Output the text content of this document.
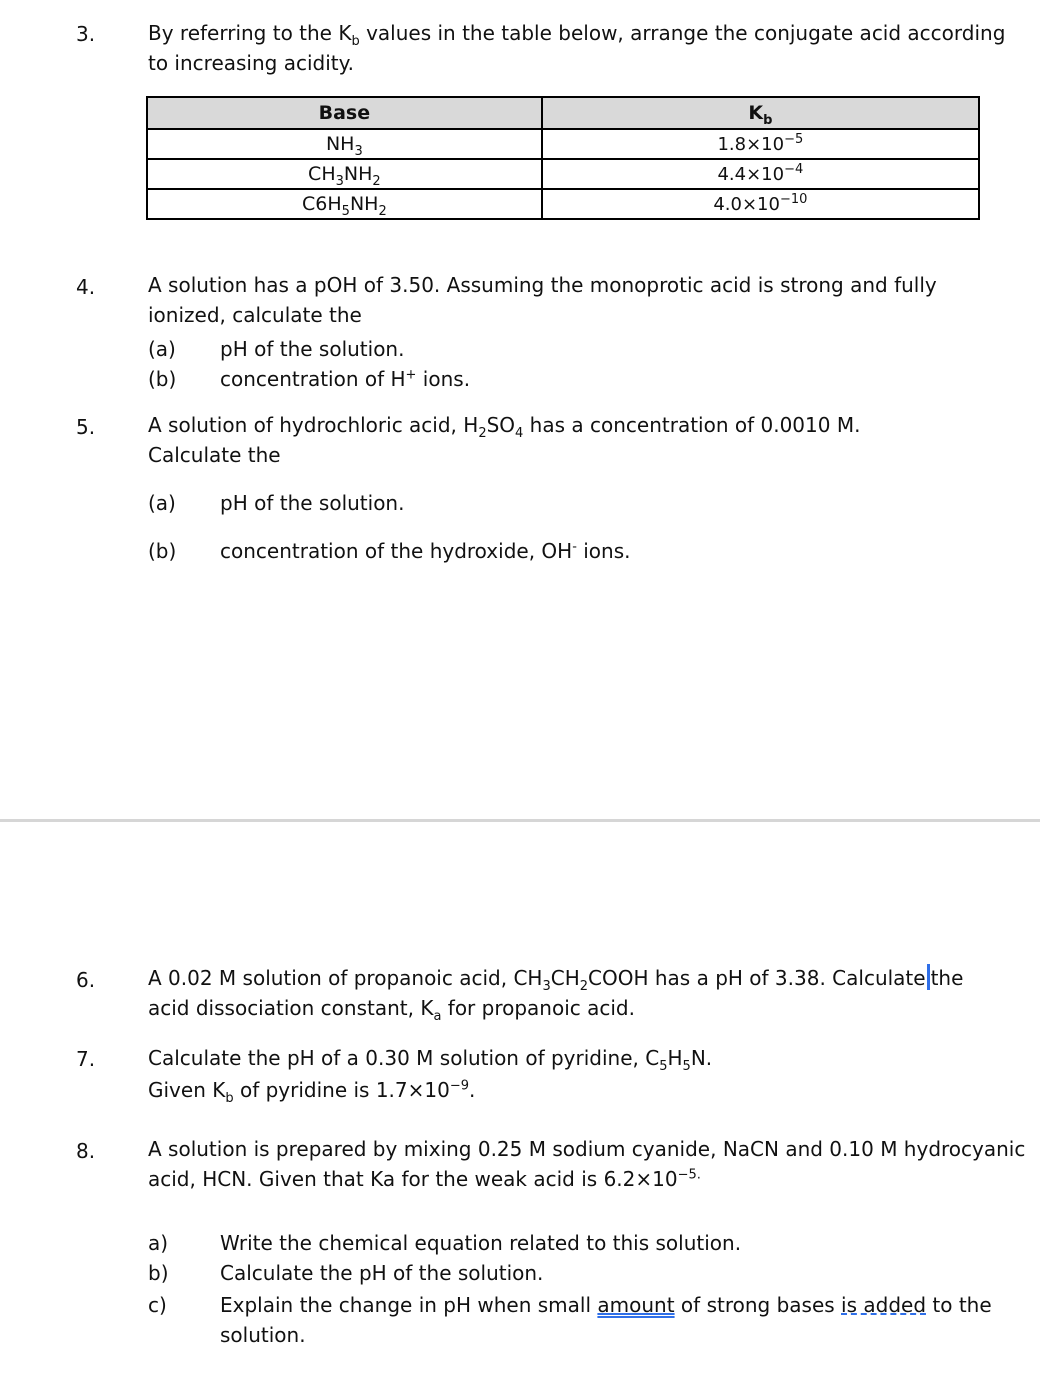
3.	By referring to the $K_b$ values in the table below, arrange the conjugate acid according
to increasing acidity.
Base	$K_b$
$NH_3$	$1.8\times 10^{-5}$
$CH_3NH_2$	$4.4\times 10^{-4}$
$C6H_5NH_2$	$4.0\times 10^{-10}$
4.	A solution has a pOH of 3.50. Assuming the monoprotic acid is strong and fully
ionized, calculate the
(a) pH of the solution.
(b) concentration of H+ ions.
5.	A solution of hydrochloric acid, $H_2SO_4$ has a concentration of 0.0010 M.
Calculate the
(a) pH of the solution.
(b) concentration of the hydroxide, OH- ions.
6.	A 0.02 M solution of propanoic acid, $CH_3CH_2COOH$ has a pH of 3.38. Calculate the
acid dissociation constant, $K_a$ for propanoic acid.
7.	Calculate the pH of a 0.30 M solution of pyridine, $C_5H_5N$.
Given $K_b$ of pyridine is $1.7\times 10^{-9}$.
8.	A solution is prepared by mixing 0.25 M sodium cyanide, NaCN and 0.10 M hydrocyanic
acid, HCN. Given that Ka for the weak acid is $6.2\times 10^{-5.}$
a)	Write the chemical equation related to this solution.
b)	Calculate the pH of the solution.
c)	Explain the change in pH when small amount of strong bases is added to the
solution.
